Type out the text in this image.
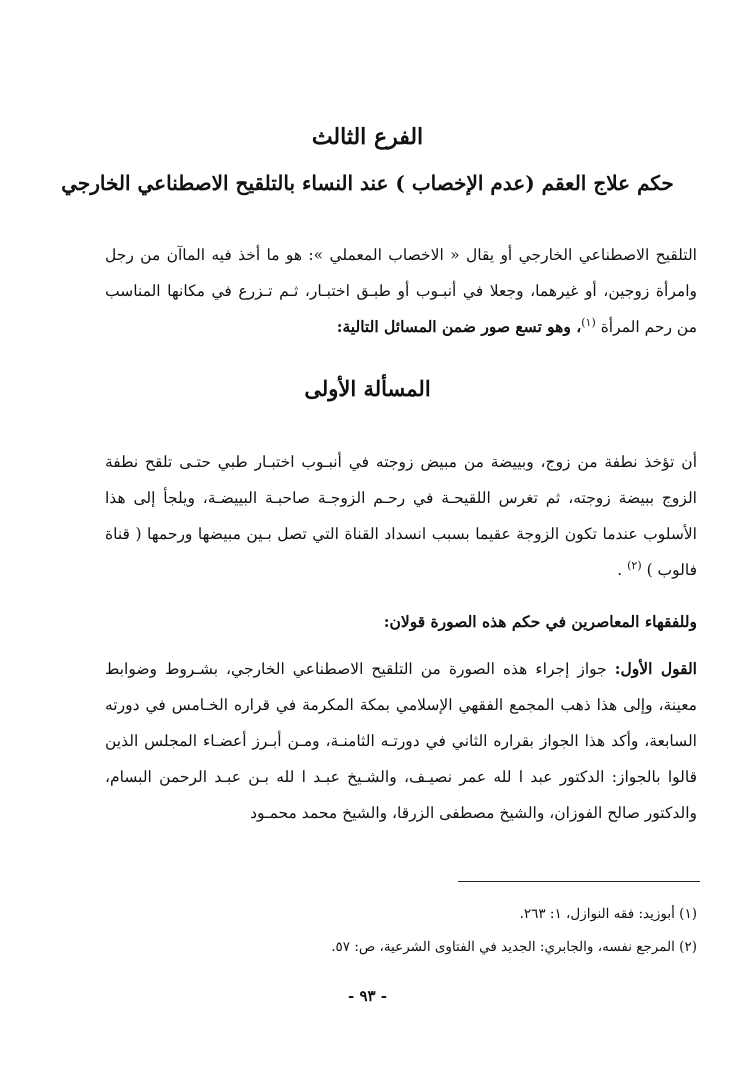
الفرع الثالث
حكم علاج العقم (عدم الإخصاب ) عند النساء بالتلقيح الاصطناعي الخارجي

التلقيح الاصطناعي الخارجي أو يقال « الاخصاب المعملي »: هو ما أخذ فيه الماآن من رجل وامرأة زوجين، أو غيرهما، وجعلا في أنبـوب أو طبـق اختبـار، ثـم تـزرع في مكانها المناسب من رحم المرأة $^{(١)}$، وهو تسع صور ضمن المسائل التالية:

المسألة الأولى

أن تؤخذ نطفة من زوج، وبييضة من مبيض زوجته في أنبـوب اختبـار طبي حتـى تلقح نطفة الزوج ببيضة زوجته، ثم تغرس اللقيحـة في رحـم الزوجـة صاحبـة البييضـة، ويلجأ إلى هذا الأسلوب عندما تكون الزوجة عقيما بسبب انسداد القناة التي تصل بـين مبيضها ورحمها ( قناة فالوب ) $^{(٢)}$ .

وللفقهاء المعاصرين في حكم هذه الصورة قولان:

القول الأول: جواز إجراء هذه الصورة من التلقيح الاصطناعي الخارجي، بشـروط وضوابط معينة، وإلى هذا ذهب المجمع الفقهي الإسلامي بمكة المكرمة في قراره الخـامس في دورته السابعة، وأكد هذا الجواز بقراره الثاني في دورتـه الثامنـة، ومـن أبـرز أعضـاء المجلس الذين قالوا بالجواز: الدكتور عبد ا لله عمر نصيـف، والشـيخ عبـد ا لله بـن عبـد الرحمن البسام، والدكتور صالح الفوزان، والشيخ مصطفى الزرقا، والشيخ محمد محمـود

(١) أبوزيد: فقه النوازل، ١: ٢٦٣.
(٢) المرجع نفسه، والجابري: الجديد في الفتاوى الشرعية، ص: ٥٧.

- ٩٣ -
